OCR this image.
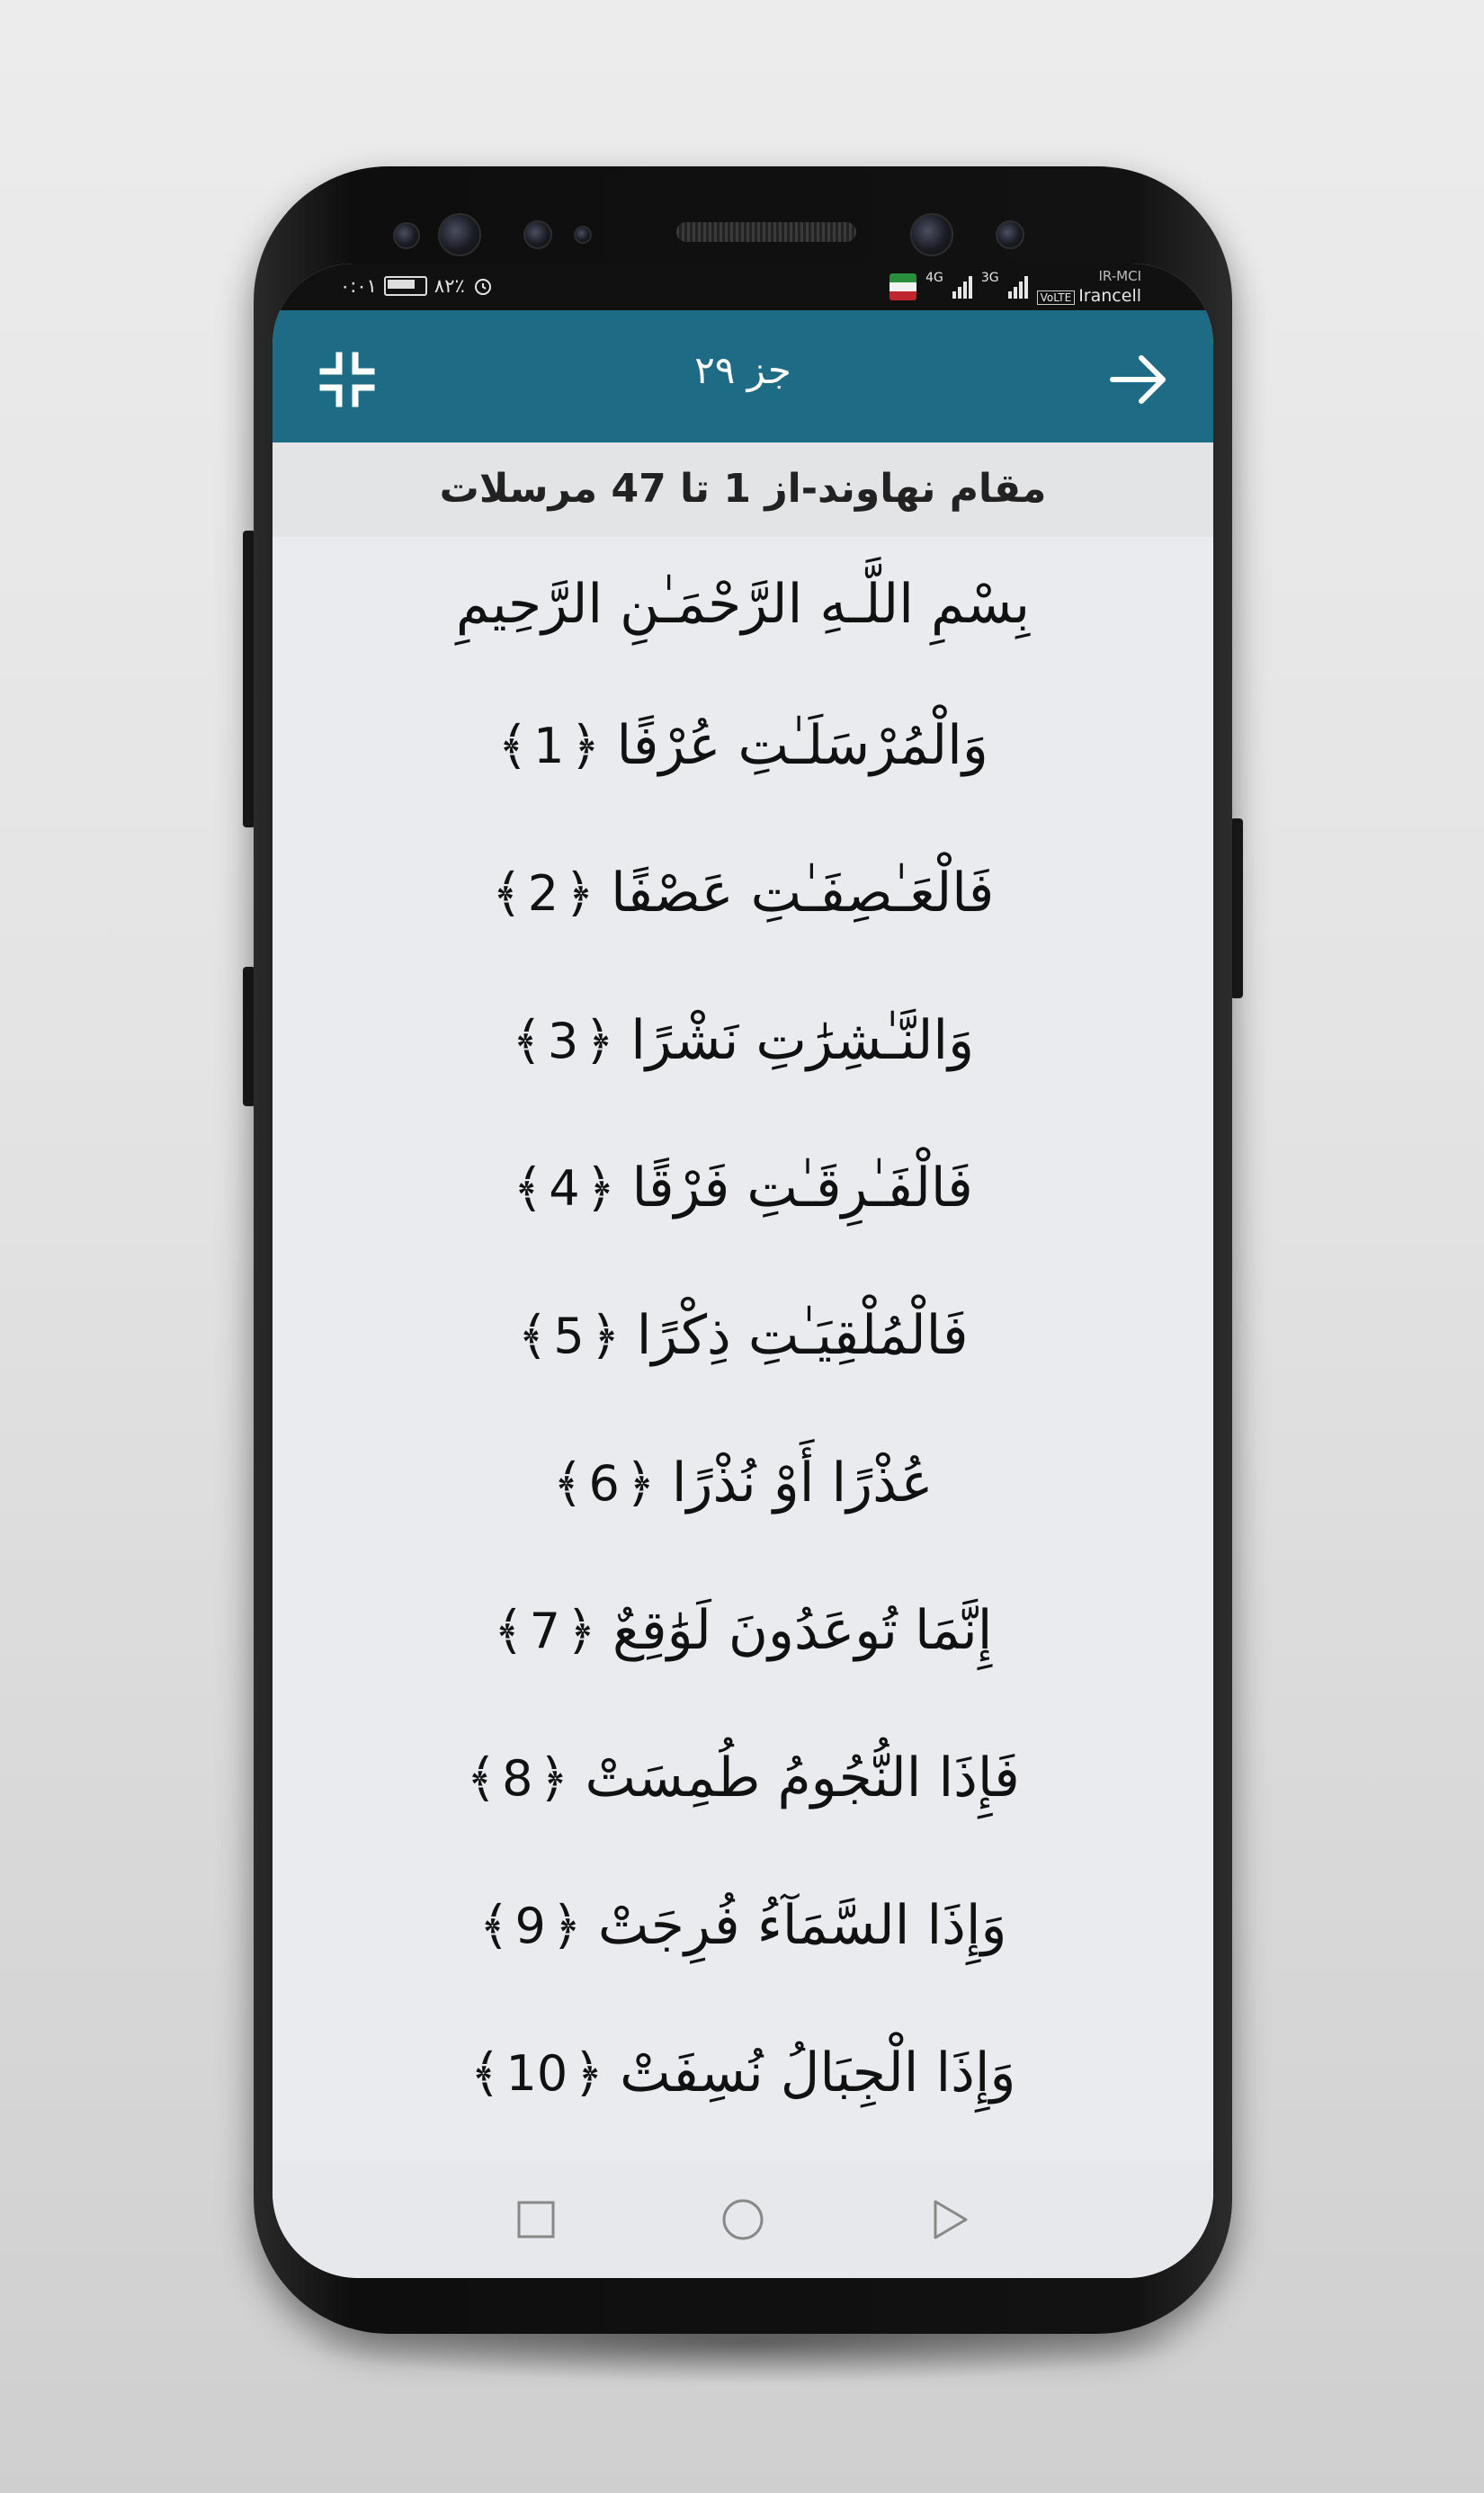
۰:۰۱	۸۲٪	4G	3G	IR-MCI
VoLTE Irancell
جز ۲۹
مقام نهاوند-از 1 تا 47 مرسلات
بِسْمِ اللَّـهِ الرَّحْمَـٰنِ الرَّحِيمِ
وَالْمُرْسَلَـٰتِ عُرْفًا
﴾ 1 ﴿
فَالْعَـٰصِفَـٰتِ عَصْفًا
﴾ 2 ﴿
وَالنَّـٰشِرَٰتِ نَشْرًا
﴾ 3 ﴿
فَالْفَـٰرِقَـٰتِ فَرْقًا
﴾ 4 ﴿
فَالْمُلْقِيَـٰتِ ذِكْرًا
﴾ 5 ﴿
عُذْرًا أَوْ نُذْرًا
﴾ 6 ﴿
إِنَّمَا تُوعَدُونَ لَوَٰقِعٌ
﴾ 7 ﴿
فَإِذَا النُّجُومُ طُمِسَتْ
﴾ 8 ﴿
وَإِذَا السَّمَآءُ فُرِجَتْ
﴾ 9 ﴿
وَإِذَا الْجِبَالُ نُسِفَتْ
﴾ 10 ﴿
